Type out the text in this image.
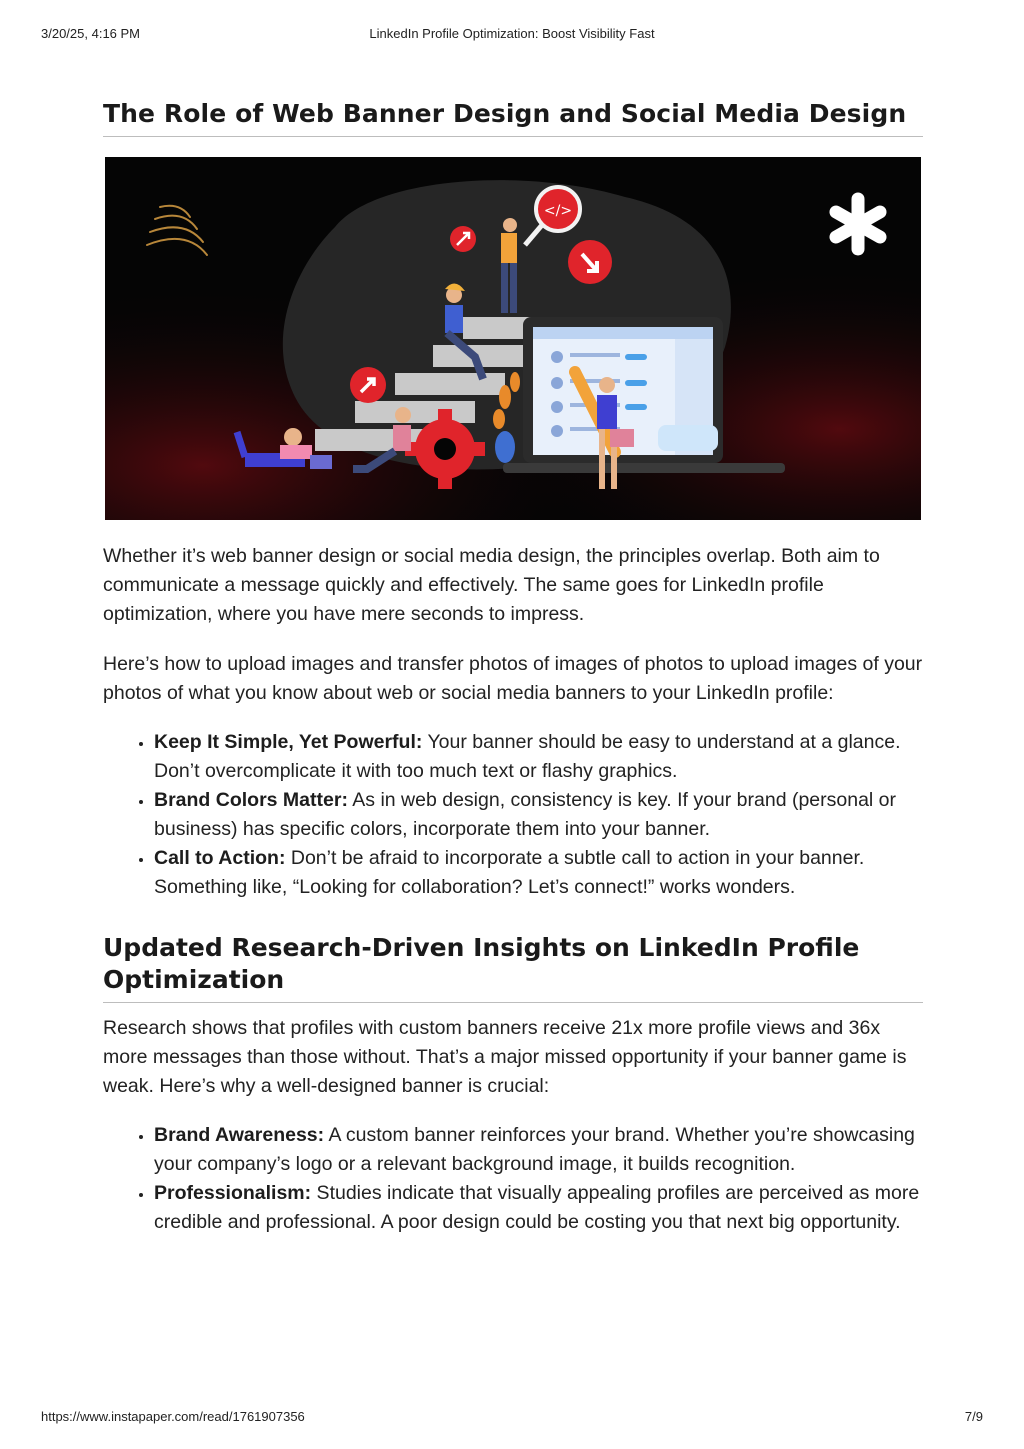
3/20/25, 4:16 PM	LinkedIn Profile Optimization: Boost Visibility Fast
The Role of Web Banner Design and Social Media Design
</>

Whether it’s web banner design or social media design, the principles overlap. Both aim to communicate a message quickly and effectively. The same goes for LinkedIn profile optimization, where you have mere seconds to impress.

Here’s how to upload images and transfer photos of images of photos to upload images of your photos of what you know about web or social media banners to your LinkedIn profile:

• Keep It Simple, Yet Powerful: Your banner should be easy to understand at a glance. Don’t overcomplicate it with too much text or flashy graphics.
• Brand Colors Matter: As in web design, consistency is key. If your brand (personal or business) has specific colors, incorporate them into your banner.
• Call to Action: Don’t be afraid to incorporate a subtle call to action in your banner. Something like, “Looking for collaboration? Let’s connect!” works wonders.
Updated Research-Driven Insights on LinkedIn Profile Optimization

Research shows that profiles with custom banners receive 21x more profile views and 36x more messages than those without. That’s a major missed opportunity if your banner game is weak. Here’s why a well-designed banner is crucial:

• Brand Awareness: A custom banner reinforces your brand. Whether you’re showcasing your company’s logo or a relevant background image, it builds recognition.
• Professionalism: Studies indicate that visually appealing profiles are perceived as more credible and professional. A poor design could be costing you that next big opportunity.
https://www.instapaper.com/read/1761907356	7/9
